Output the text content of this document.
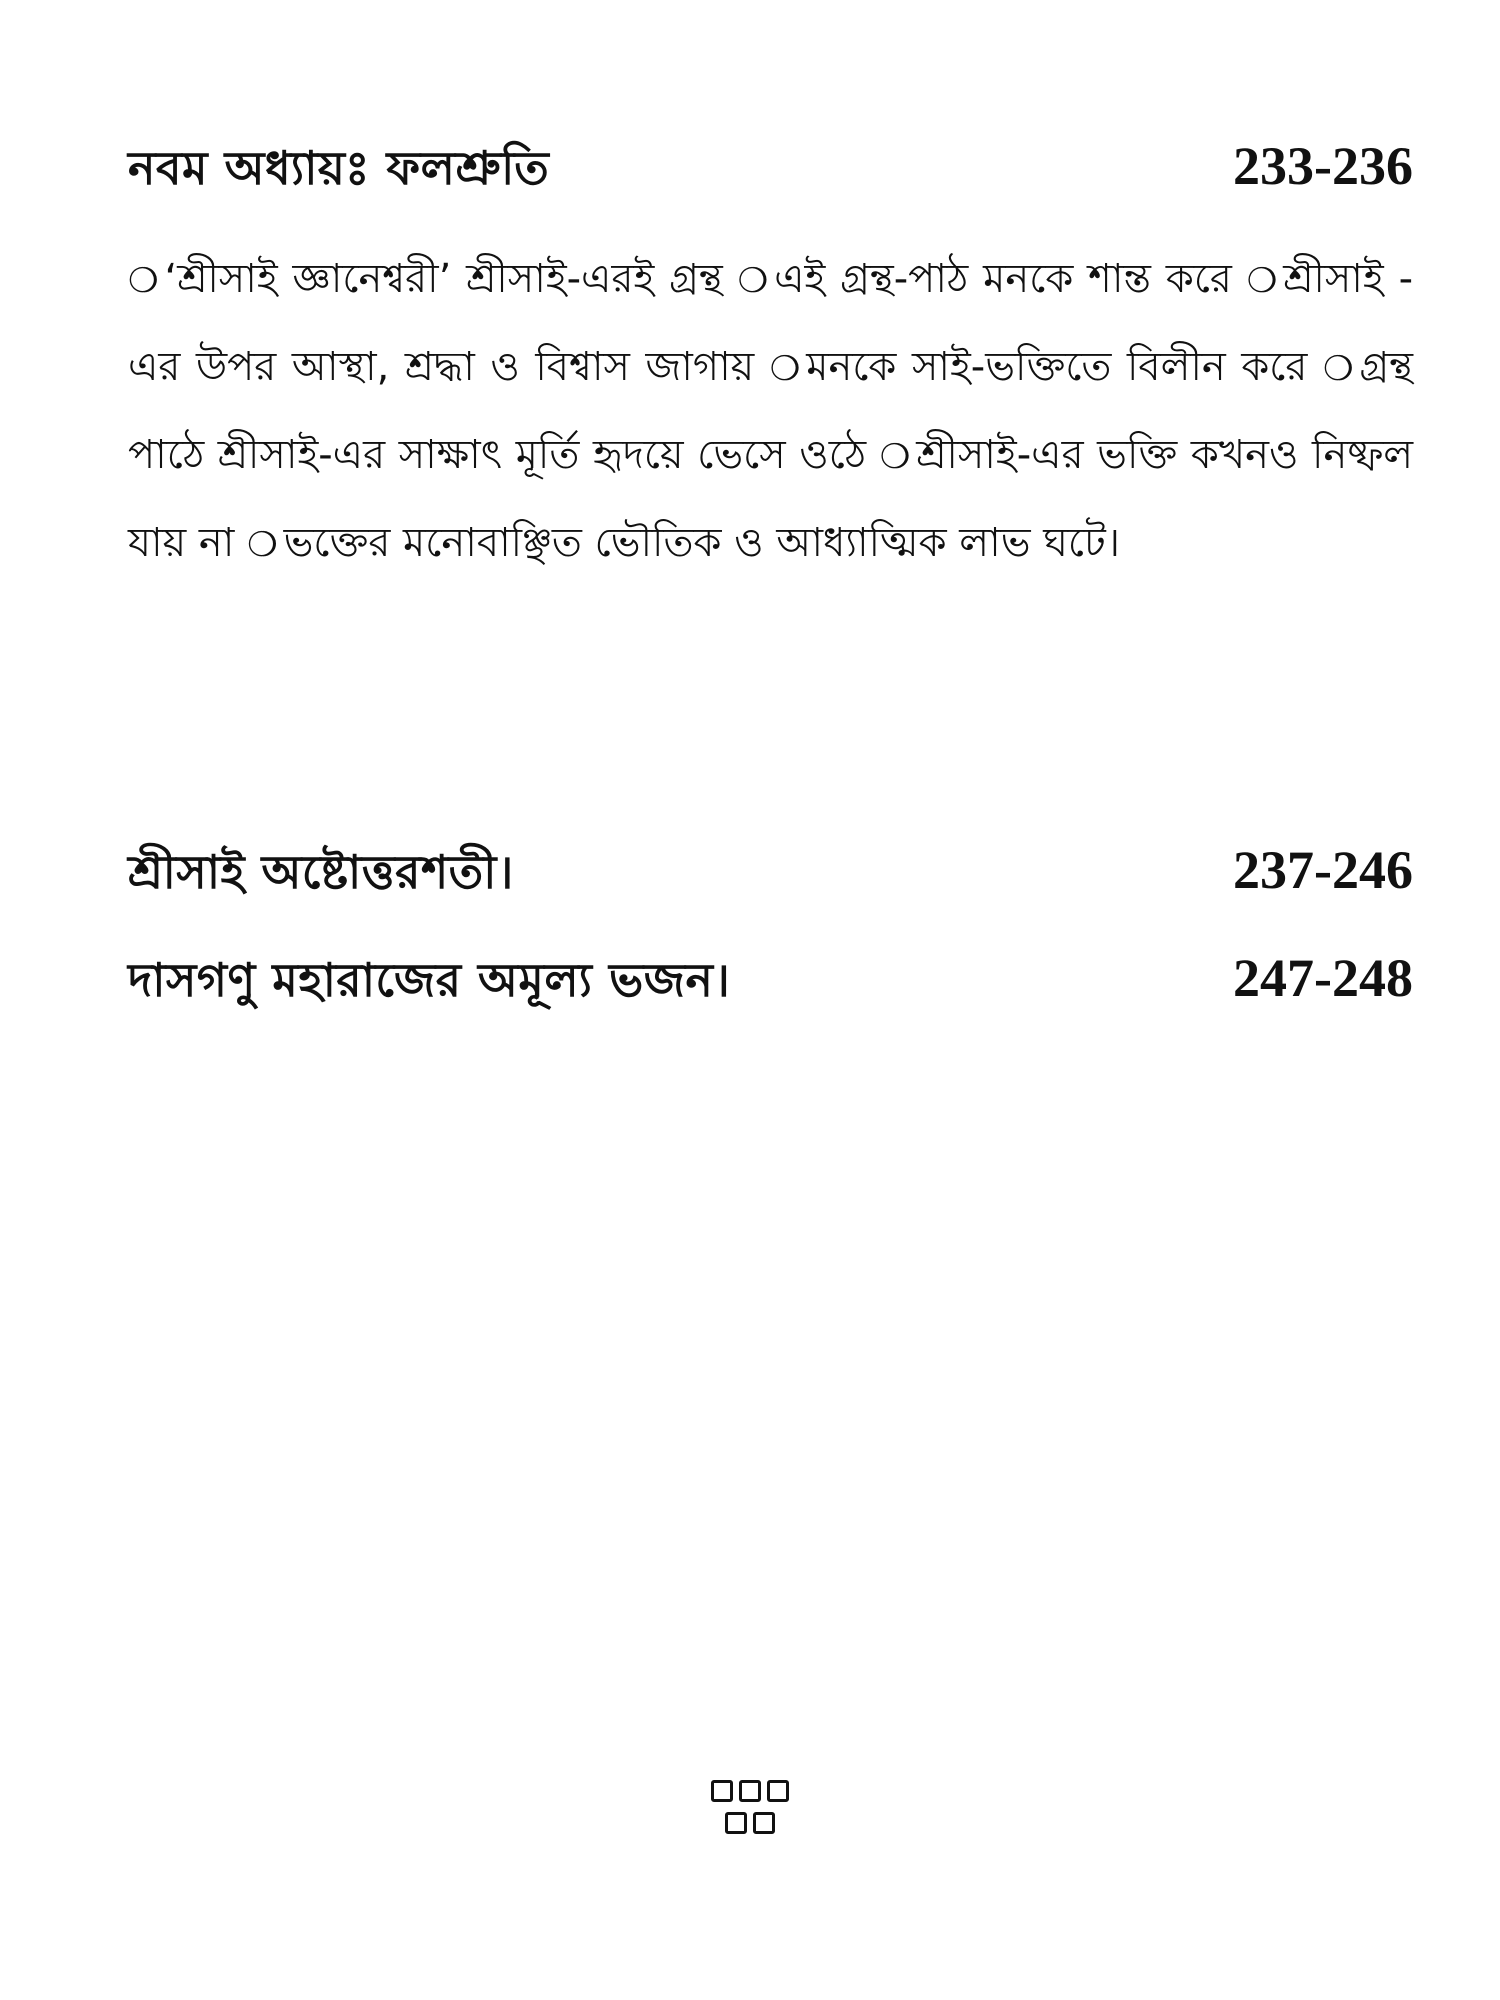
নবম অধ্যায়ঃ ফলশ্রুতি	233-236

❍ ‘শ্রীসাই জ্ঞানেশ্বরী’ শ্রীসাই-এরই গ্রন্থ ❍ এই গ্রন্থ-পাঠ মনকে শান্ত করে ❍ শ্রীসাই - এর উপর আস্থা, শ্রদ্ধা ও বিশ্বাস জাগায় ❍ মনকে সাই-ভক্তিতে বিলীন করে ❍ গ্রন্থ পাঠে শ্রীসাই-এর সাক্ষাৎ মূর্তি হৃদয়ে ভেসে ওঠে ❍ শ্রীসাই-এর ভক্তি কখনও নিষ্ফল যায় না ❍ ভক্তের মনোবাঞ্ছিত ভৌতিক ও আধ্যাত্মিক লাভ ঘটে।

শ্রীসাই অষ্টোত্তরশতী।	237-246
দাসগণু মহারাজের অমূল্য ভজন।	247-248
